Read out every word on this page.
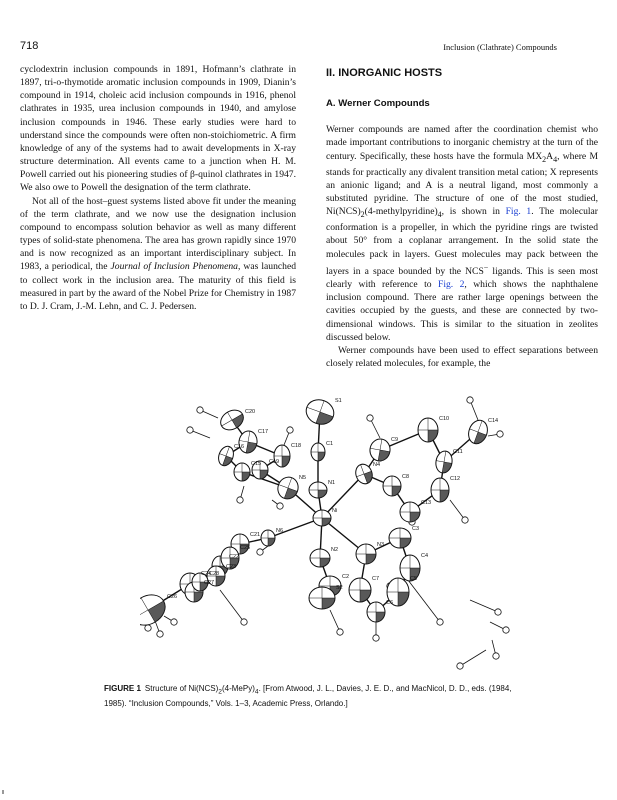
718	Inclusion (Clathrate) Compounds

cyclodextrin inclusion compounds in 1891, Hofmann’s clathrate in 1897, tri-o-thymotide aromatic inclusion compounds in 1909, Dianin’s compound in 1914, choleic acid inclusion compounds in 1916, phenol clathrates in 1935, urea inclusion compounds in 1940, and amylose inclusion compounds in 1946. These early studies were hard to understand since the compounds were often non-stoichiometric. A firm knowledge of any of the systems had to await developments in X-ray structure determination. All events came to a junction when H. M. Powell carried out his pioneering studies of β-quinol clathrates in 1947. We also owe to Powell the designation of the term clathrate.

Not all of the host–guest systems listed above fit under the meaning of the term clathrate, and we now use the designation inclusion compound to encompass solution behavior as well as many different types of solid-state phenomena. The area has grown rapidly since 1970 and is now recognized as an important interdisciplinary subject. In 1983, a periodical, the Journal of Inclusion Phenomena, was launched to collect work in the inclusion area. The maturity of this field is measured in part by the award of the Nobel Prize for Chemistry in 1987 to D. J. Cram, J.-M. Lehn, and C. J. Pedersen.

II. INORGANIC HOSTS
A. Werner Compounds

Werner compounds are named after the coordination chemist who made important contributions to inorganic chemistry at the turn of the century. Specifically, these hosts have the formula $MX_2A_4$, where M stands for practically any divalent transition metal cation; X represents an anionic ligand; and A is a neutral ligand, most commonly a substituted pyridine. The structure of one of the most studied, $Ni(NCS)_2(4-methylpyridine)_4$, is shown in Fig. 1. The molecular conformation is a propeller, in which the pyridine rings are twisted about 50° from a coplanar arrangement. In the solid state the molecules pack in layers. Guest molecules may pack between the layers in a space bounded by the NCS− ligands. This is seen most clearly with reference to Fig. 2, which shows the naphthalene inclusion compound. There are rather large openings between the cavities occupied by the guests, and these are connected by two-dimensional windows. This is similar to the situation in zeolites discussed below.

Werner compounds have been used to effect separations between closely related molecules, for example, the

C20
C17
C16	C18
C19
C15
N5
S1
C1
N1
N4
Ni
C9
C10	C14
C11
C12
C13
C8
N6
C21
C26
C22
C23
C24
C25
C27
C28
N2
C2
S2
N3
C7
C3
C4
C5
C6
FIGURE 1 Structure of $Ni(NCS)_2(4-MePy)_4$. [From Atwood, J. L., Davies, J. E. D., and MacNicol, D. D., eds. (1984, 1985). “Inclusion Compounds,” Vols. 1–3, Academic Press, Orlando.]
